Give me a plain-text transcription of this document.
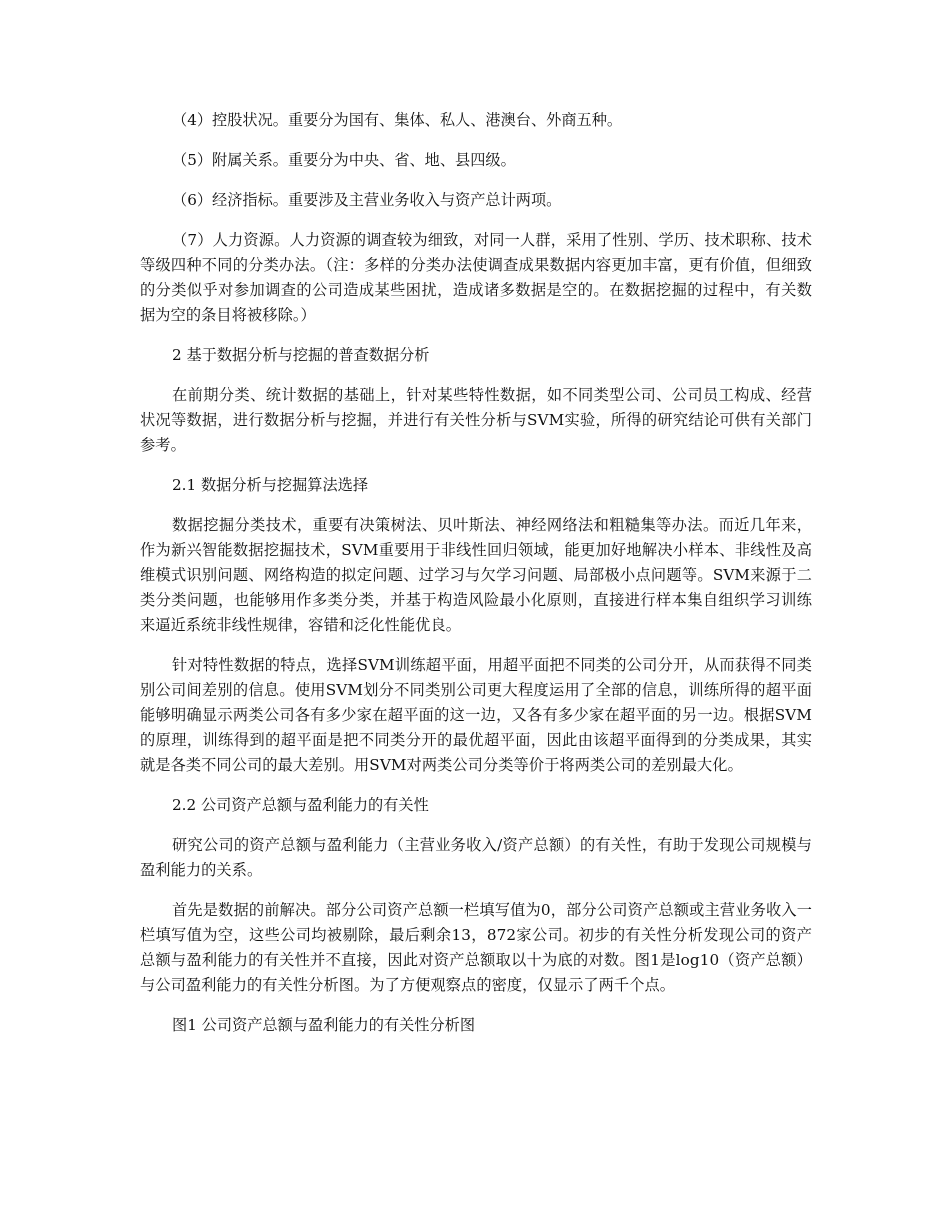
（4）控股状况。重要分为国有、集体、私人、港澳台、外商五种。

（5）附属关系。重要分为中央、省、地、县四级。

（6）经济指标。重要涉及主营业务收入与资产总计两项。

（7）人力资源。人力资源的调查较为细致，对同一人群，采用了性别、学历、技术职称、技术等级四种不同的分类办法。（注：多样的分类办法使调查成果数据内容更加丰富，更有价值，但细致的分类似乎对参加调查的公司造成某些困扰，造成诸多数据是空的。在数据挖掘的过程中，有关数据为空的条目将被移除。）

2 基于数据分析与挖掘的普查数据分析

在前期分类、统计数据的基础上，针对某些特性数据，如不同类型公司、公司员工构成、经营状况等数据，进行数据分析与挖掘，并进行有关性分析与SVM实验，所得的研究结论可供有关部门参考。

2.1 数据分析与挖掘算法选择

数据挖掘分类技术，重要有决策树法、贝叶斯法、神经网络法和粗糙集等办法。而近几年来，作为新兴智能数据挖掘技术，SVM重要用于非线性回归领域，能更加好地解决小样本、非线性及高维模式识别问题、网络构造的拟定问题、过学习与欠学习问题、局部极小点问题等。SVM来源于二类分类问题，也能够用作多类分类，并基于构造风险最小化原则，直接进行样本集自组织学习训练来逼近系统非线性规律，容错和泛化性能优良。

针对特性数据的特点，选择SVM训练超平面，用超平面把不同类的公司分开，从而获得不同类别公司间差别的信息。使用SVM划分不同类别公司更大程度运用了全部的信息，训练所得的超平面能够明确显示两类公司各有多少家在超平面的这一边，又各有多少家在超平面的另一边。根据SVM的原理，训练得到的超平面是把不同类分开的最优超平面，因此由该超平面得到的分类成果，其实就是各类不同公司的最大差别。用SVM对两类公司分类等价于将两类公司的差别最大化。

2.2 公司资产总额与盈利能力的有关性

研究公司的资产总额与盈利能力（主营业务收入/资产总额）的有关性，有助于发现公司规模与盈利能力的关系。

首先是数据的前解决。部分公司资产总额一栏填写值为0，部分公司资产总额或主营业务收入一栏填写值为空，这些公司均被剔除，最后剩余13，872家公司。初步的有关性分析发现公司的资产总额与盈利能力的有关性并不直接，因此对资产总额取以十为底的对数。图1是log10（资产总额）与公司盈利能力的有关性分析图。为了方便观察点的密度，仅显示了两千个点。

图1 公司资产总额与盈利能力的有关性分析图
